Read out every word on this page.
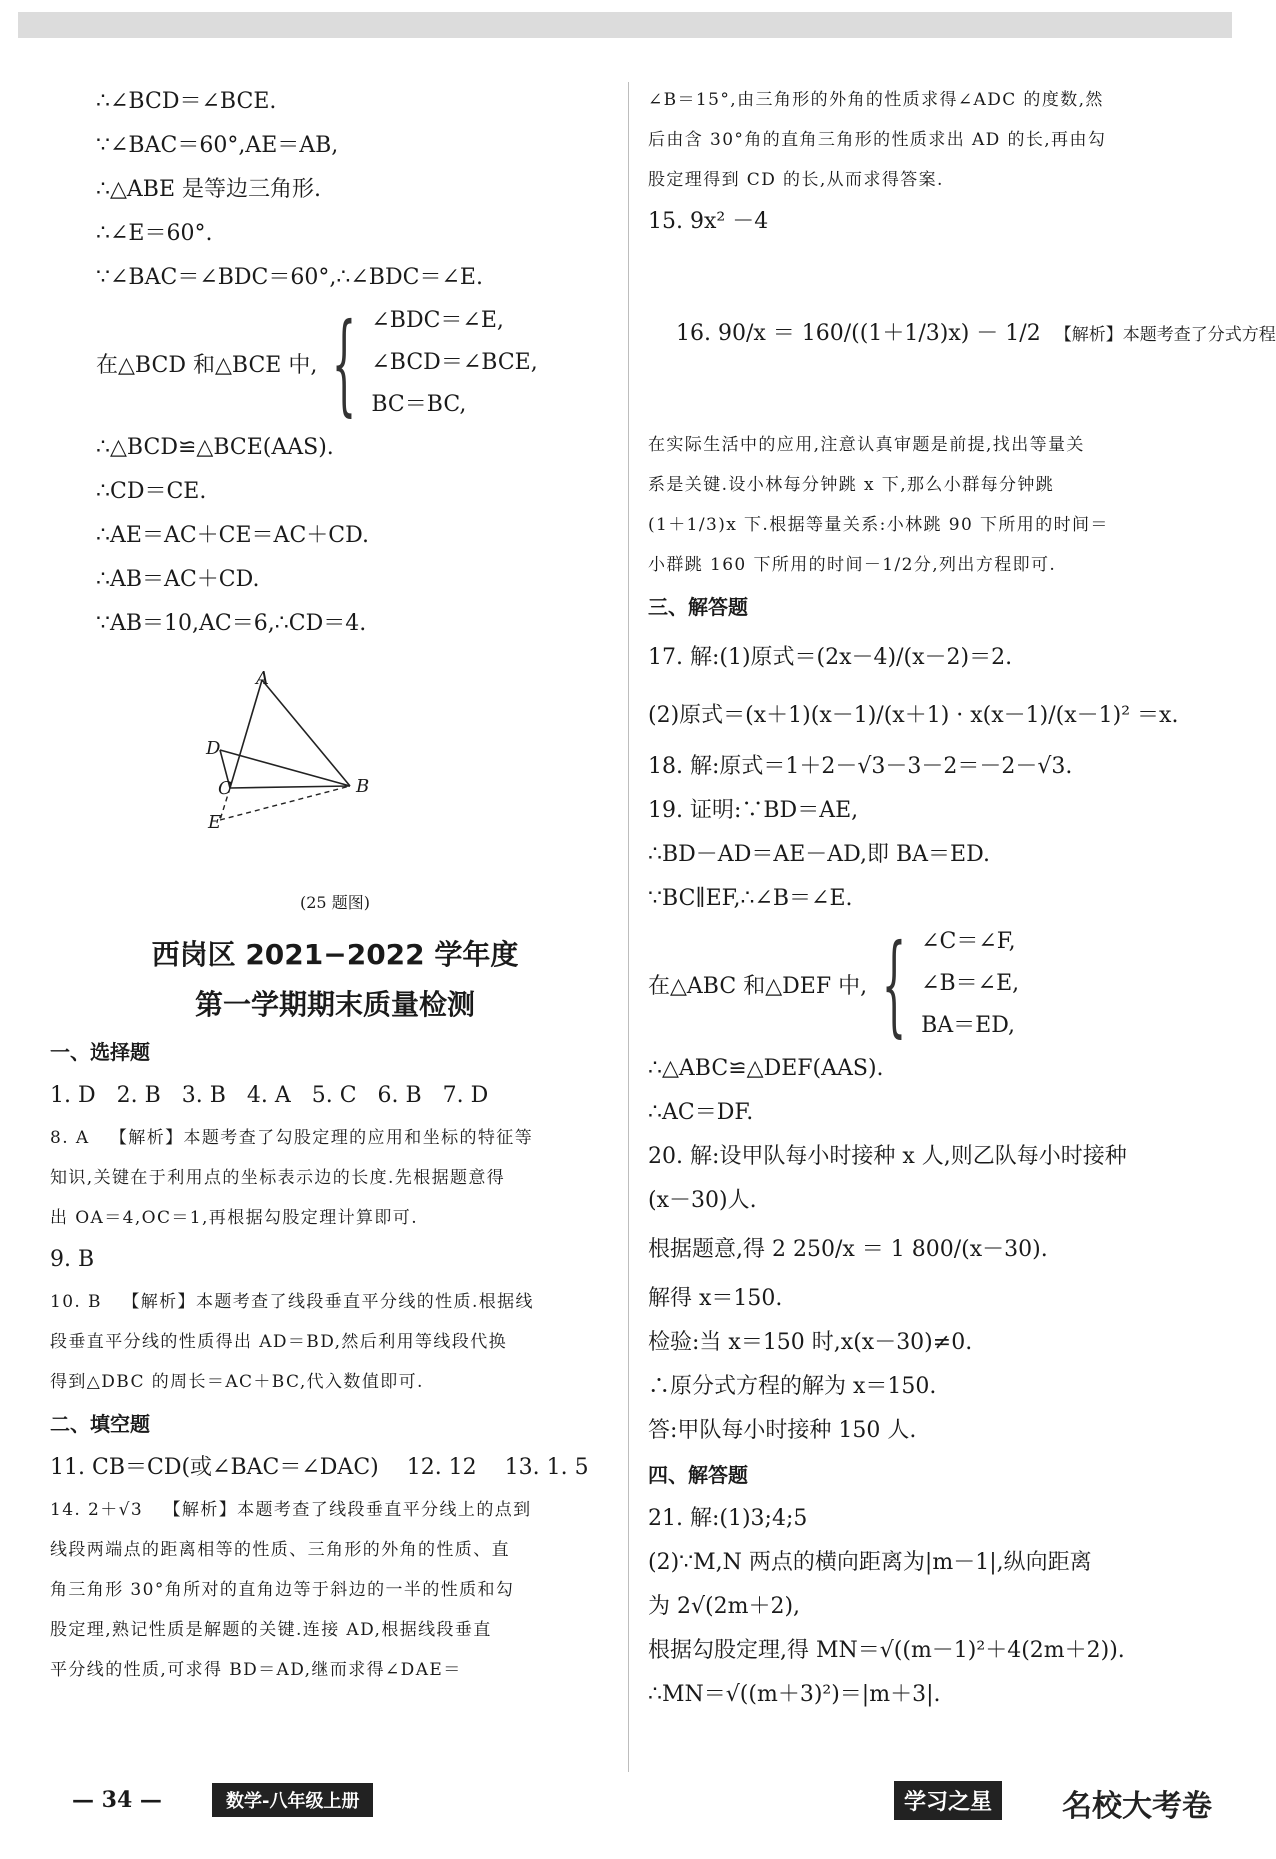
∴∠BCD＝∠BCE.
∵∠BAC＝60°,AE＝AB,
∴△ABE 是等边三角形.
∴∠E＝60°.
∵∠BAC＝∠BDC＝60°,∴∠BDC＝∠E.
在△BCD 和△BCE 中, { ∠BDC＝∠E,
∠BCD＝∠BCE,
BC＝BC,
∴△BCD≌△BCE(AAS).
∴CD＝CE.
∴AE＝AC＋CE＝AC＋CD.
∴AB＝AC＋CD.
∵AB＝10,AC＝6,∴CD＝4.
A
D
C	B
E
(25 题图)
西岗区 2021−2022 学年度
第一学期期末质量检测
一、选择题
1. D   2. B   3. B   4. A   5. C   6. B   7. D
8. A   【解析】本题考查了勾股定理的应用和坐标的特征等
知识,关键在于利用点的坐标表示边的长度.先根据题意得
出 OA＝4,OC＝1,再根据勾股定理计算即可.
9. B
10. B   【解析】本题考查了线段垂直平分线的性质.根据线
段垂直平分线的性质得出 AD＝BD,然后利用等线段代换
得到△DBC 的周长＝AC＋BC,代入数值即可.
二、填空题
11. CB＝CD(或∠BAC＝∠DAC)    12. 12    13. 1. 5
14. 2＋√3   【解析】本题考查了线段垂直平分线上的点到
线段两端点的距离相等的性质、三角形的外角的性质、直
角三角形 30°角所对的直角边等于斜边的一半的性质和勾
股定理,熟记性质是解题的关键.连接 AD,根据线段垂直
平分线的性质,可求得 BD＝AD,继而求得∠DAE＝
∠B＝15°,由三角形的外角的性质求得∠ADC 的度数,然
后由含 30°角的直角三角形的性质求出 AD 的长,再由勾
股定理得到 CD 的长,从而求得答案.
15. 9x² －4

16. 90/x ＝ 160/((1＋1/3)x) － 1/2 【解析】本题考查了分式方程

在实际生活中的应用,注意认真审题是前提,找出等量关
系是关键.设小林每分钟跳 x 下,那么小群每分钟跳
(1＋1/3)x 下.根据等量关系:小林跳 90 下所用的时间＝
小群跳 160 下所用的时间－1/2分,列出方程即可.
三、解答题
17. 解:(1)原式＝(2x－4)/(x－2)＝2.
(2)原式＝(x＋1)(x－1)/(x＋1) · x(x－1)/(x－1)² ＝x.
18. 解:原式＝1＋2－√3－3－2＝－2－√3.
19. 证明:∵BD＝AE,
∴BD－AD＝AE－AD,即 BA＝ED.
∵BC∥EF,∴∠B＝∠E.
在△ABC 和△DEF 中, { ∠C＝∠F,
∠B＝∠E,
BA＝ED,
∴△ABC≌△DEF(AAS).
∴AC＝DF.
20. 解:设甲队每小时接种 x 人,则乙队每小时接种
(x－30)人.
根据题意,得 2 250/x ＝ 1 800/(x－30).
解得 x＝150.
检验:当 x＝150 时,x(x－30)≠0.
∴原分式方程的解为 x＝150.
答:甲队每小时接种 150 人.
四、解答题
21. 解:(1)3;4;5
(2)∵M,N 两点的横向距离为|m－1|,纵向距离
为 2√(2m＋2),
根据勾股定理,得 MN＝√((m－1)²＋4(2m＋2)).
∴MN＝√((m＋3)²)＝|m＋3|.
— 34 —	数学-八年级上册	学习之星	名校大考卷
